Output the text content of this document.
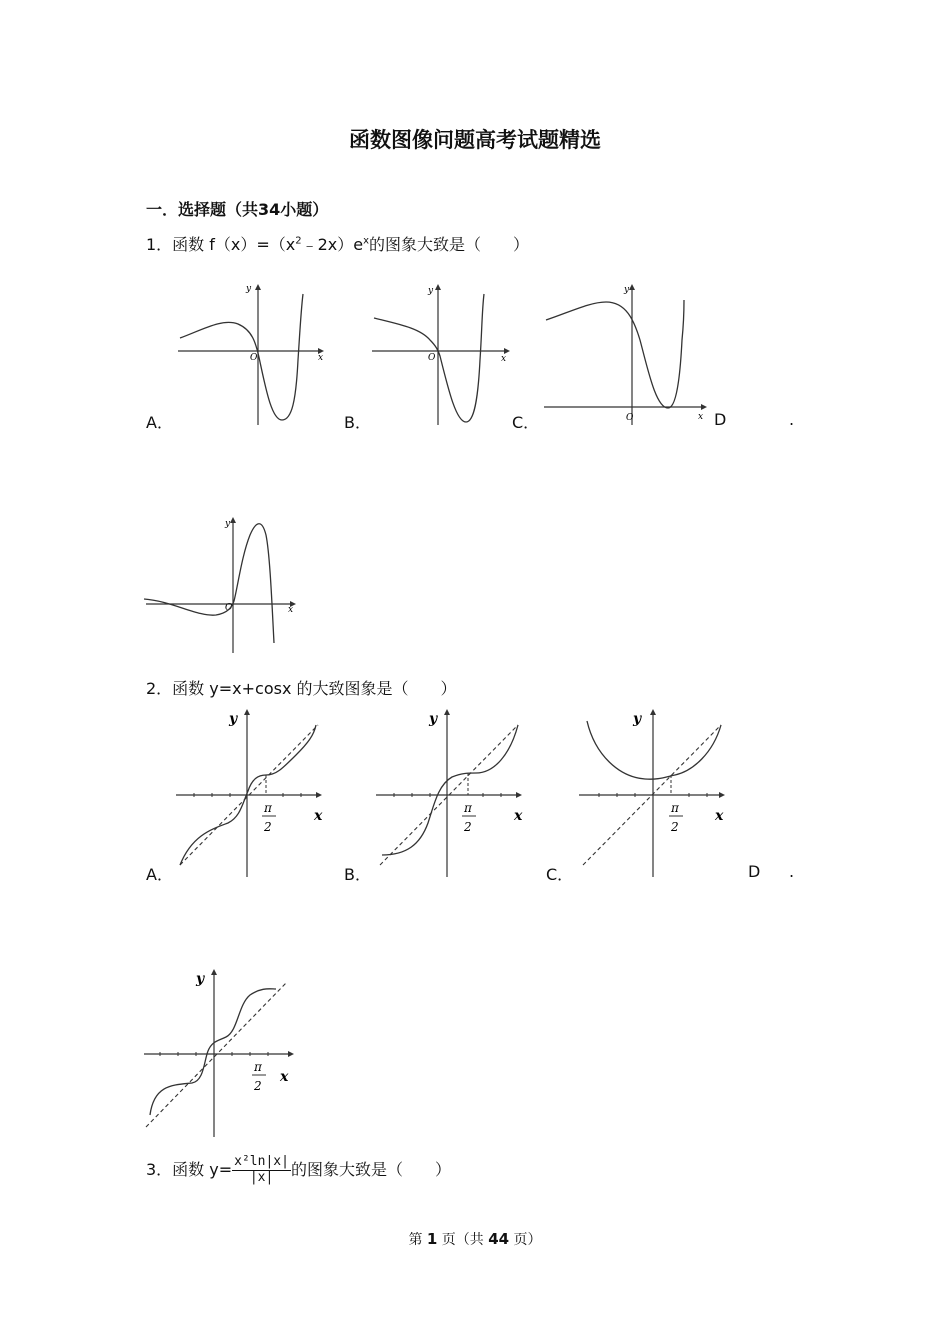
函数图像问题高考试题精选
一．选择题（共34小题）
1．函数 $f(x)=(x^2﹣2x)e^x$的图象大致是（　　）
A．	B．	C．	D	.
O	x
y
O	x
y
O	x
y
O	x
y
2．函数 y=x+cosx 的大致图象是（　　）
A．	B．	C．	D .
y
x
π
2
y
x
π
2
y
x
π
2
y
x
π
2
3．函数 $y= \frac{\text{x²ln|x|}}{|x|}$ 的图象大致是（　　）
第 1 页（共 44 页）
